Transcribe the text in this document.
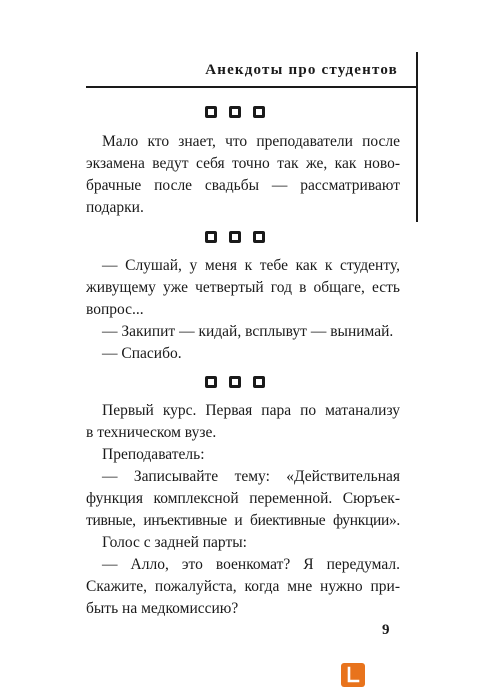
Анекдоты про студентов

Мало кто знает, что преподаватели после

экзамена ведут себя точно так же, как ново-

брачные после свадьбы — рассматривают

подарки.

— Слушай, у меня к тебе как к студенту,

живущему уже четвертый год в общаге, есть

вопрос...

— Закипит — кидай, всплывут — вынимай.

— Спасибо.

Первый курс. Первая пара по матанализу

в техническом вузе.

Преподаватель:

— Записывайте тему: «Действительная

функция комплексной переменной. Сюръек-

тивные, инъективные и биективные функции».

Голос с задней парты:

— Алло, это военкомат? Я передумал.

Скажите, пожалуйста, когда мне нужно при-

быть на медкомиссию?

9
